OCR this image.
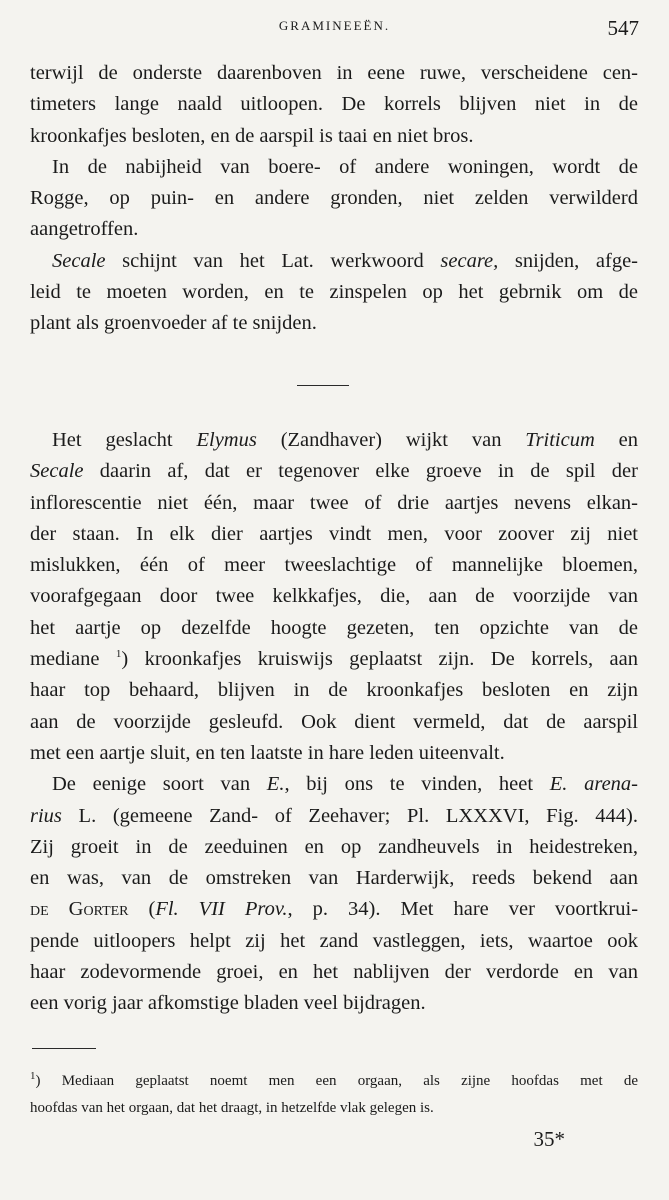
GRAMINEEËN.	547

terwijl de onderste daarenboven in eene ruwe, verscheidene cen-
timeters lange naald uitloopen. De korrels blijven niet in de
kroonkafjes besloten, en de aarspil is taai en niet bros.

In de nabijheid van boere- of andere woningen, wordt de
Rogge, op puin- en andere gronden, niet zelden verwilderd
aangetroffen.

Secale schijnt van het Lat. werkwoord secare, snijden, afge-
leid te moeten worden, en te zinspelen op het gebrnik om de
plant als groenvoeder af te snijden.

Het geslacht Elymus (Zandhaver) wijkt van Triticum en
Secale daarin af, dat er tegenover elke groeve in de spil der
inflorescentie niet één, maar twee of drie aartjes nevens elkan-
der staan. In elk dier aartjes vindt men, voor zoover zij niet
mislukken, één of meer tweeslachtige of mannelijke bloemen,
voorafgegaan door twee kelkkafjes, die, aan de voorzijde van
het aartje op dezelfde hoogte gezeten, ten opzichte van de
mediane $^1$) kroonkafjes kruiswijs geplaatst zijn. De korrels, aan
haar top behaard, blijven in de kroonkafjes besloten en zijn
aan de voorzijde gesleufd. Ook dient vermeld, dat de aarspil
met een aartje sluit, en ten laatste in hare leden uiteenvalt.

De eenige soort van E., bij ons te vinden, heet E. arena-
rius L. (gemeene Zand- of Zeehaver; Pl. LXXXVI, Fig. 444).
Zij groeit in de zeeduinen en op zandheuvels in heidestreken,
en was, van de omstreken van Harderwijk, reeds bekend aan
de Gorter (Fl. VII Prov., p. 34). Met hare ver voortkrui-
pende uitloopers helpt zij het zand vastleggen, iets, waartoe ook
haar zodevormende groei, en het nablijven der verdorde en van
een vorig jaar afkomstige bladen veel bijdragen.

$^1$) Mediaan geplaatst noemt men een orgaan, als zijne hoofdas met de
hoofdas van het orgaan, dat het draagt, in hetzelfde vlak gelegen is.
35*
